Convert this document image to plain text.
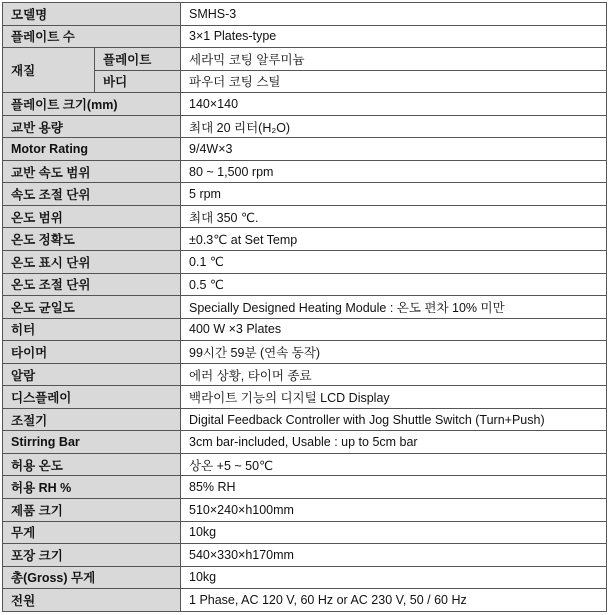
모델명		SMHS-3
플레이트 수		3×1 Plates-type
재질	플레이트	세라믹 코팅 알루미늄
	바디	파우더 코팅 스틸
플레이트 크기(mm)		140×140
교반 용량		최대 20 리터(H₂O)
Motor Rating		9/4W×3
교반 속도 범위		80 ~ 1,500 rpm
속도 조절 단위		5 rpm
온도 범위		최대 350 ℃.
온도 정확도		±0.3℃ at Set Temp
온도 표시 단위		0.1 ℃
온도 조절 단위		0.5 ℃
온도 균일도		Specially Designed Heating Module : 온도 편차 10% 미만
히터		400 W ×3 Plates
타이머		99시간 59분 (연속 동작)
알람		에러 상황, 타이머 종료
디스플레이		백라이트 기능의 디지털 LCD Display
조절기		Digital Feedback Controller with Jog Shuttle Switch (Turn+Push)
Stirring Bar		3cm bar-included, Usable : up to 5cm bar
허용 온도		상온 +5 ~ 50℃
허용 RH %		85% RH
제품 크기		510×240×h100mm
무게		10kg
포장 크기		540×330×h170mm
총(Gross) 무게		10kg
전원		1 Phase, AC 120 V, 60 Hz or AC 230 V, 50 / 60 Hz
